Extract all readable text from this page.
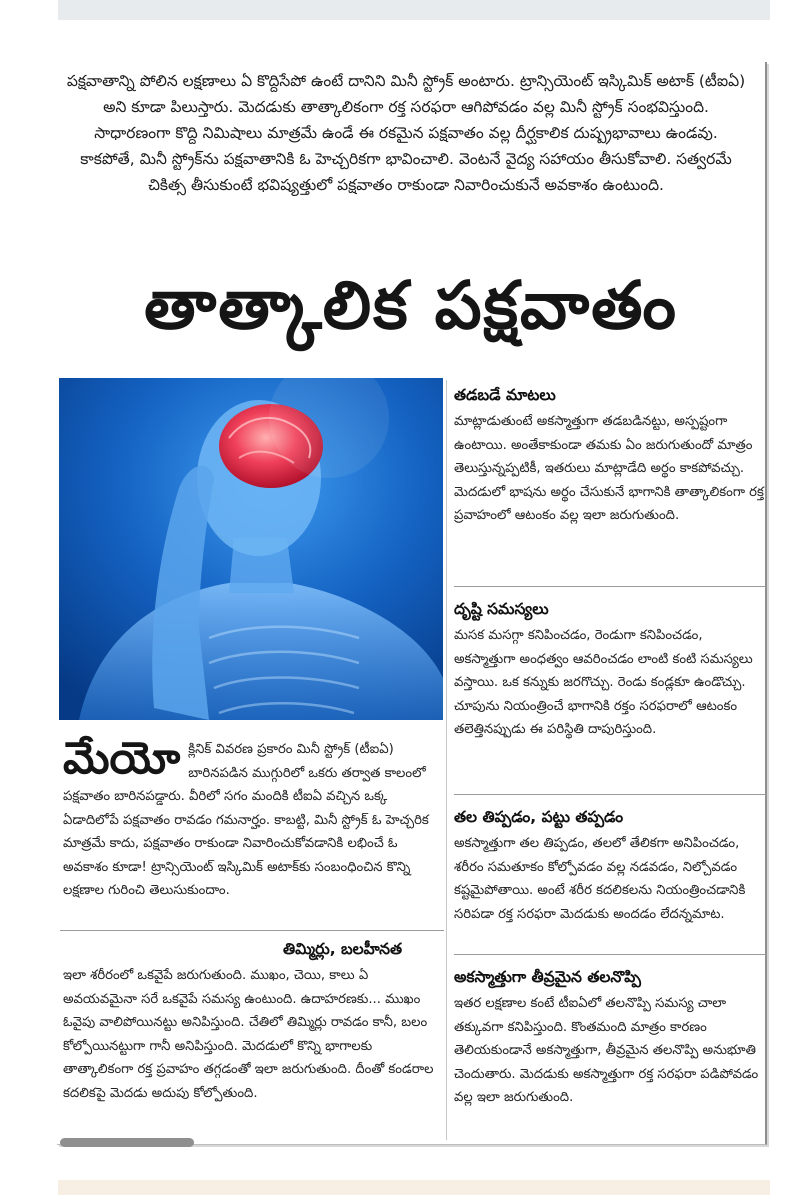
పక్షవాతాన్ని పోలిన లక్షణాలు ఏ కొద్దిసేపో ఉంటే దానిని మినీ స్ట్రోక్ అంటారు. ట్రాన్సియెంట్ ఇస్కిమిక్ అటాక్ (టీఐఏ) అని కూడా పిలుస్తారు. మెదడుకు తాత్కాలికంగా రక్త సరఫరా ఆగిపోవడం వల్ల మినీ స్ట్రోక్ సంభవిస్తుంది. సాధారణంగా కొద్ది నిమిషాలు మాత్రమే ఉండే ఈ రకమైన పక్షవాతం వల్ల దీర్ఘకాలిక దుష్ప్రభావాలు ఉండవు. కాకపోతే, మినీ స్ట్రోక్‌ను పక్షవాతానికి ఓ హెచ్చరికగా భావించాలి. వెంటనే వైద్య సహాయం తీసుకోవాలి. సత్వరమే చికిత్స తీసుకుంటే భవిష్యత్తులో పక్షవాతం రాకుండా నివారించుకునే అవకాశం ఉంటుంది.
తాత్కాలిక పక్షవాతం
తడబడే మాటలు

మాట్లాడుతుంటే అకస్మాత్తుగా తడబడినట్టు, అస్పష్టంగా ఉంటాయి. అంతేకాకుండా తమకు ఏం జరుగుతుందో మాత్రం తెలుస్తున్నప్పటికీ, ఇతరులు మాట్లాడేది అర్థం కాకపోవచ్చు. మెదడులో భాషను అర్థం చేసుకునే భాగానికి తాత్కాలికంగా రక్త ప్రవాహంలో ఆటంకం వల్ల ఇలా జరుగుతుంది.

దృష్టి సమస్యలు

మసక మసగ్గా కనిపించడం, రెండుగా కనిపించడం, అకస్మాత్తుగా అంధత్వం ఆవరించడం లాంటి కంటి సమస్యలు వస్తాయి. ఒక కన్నుకు జరగొచ్చు. రెండు కండ్లకూ ఉండొచ్చు. చూపును నియంత్రించే భాగానికి రక్తం సరఫరాలో ఆటంకం తలెత్తినప్పుడు ఈ పరిస్థితి దాపురిస్తుంది.

తల తిప్పడం, పట్టు తప్పడం

అకస్మాత్తుగా తల తిప్పడం, తలలో తేలికగా అనిపించడం, శరీరం సమతూకం కోల్పోవడం వల్ల నడవడం, నిల్చోవడం కష్టమైపోతాయి. అంటే శరీర కదలికలను నియంత్రించడానికి సరిపడా రక్త సరఫరా మెదడుకు అందడం లేదన్నమాట.

అకస్మాత్తుగా తీవ్రమైన తలనొప్పి

ఇతర లక్షణాల కంటే టీఐఏలో తలనొప్పి సమస్య చాలా తక్కువగా కనిపిస్తుంది. కొంతమంది మాత్రం కారణం తెలియకుండానే అకస్మాత్తుగా, తీవ్రమైన తలనొప్పి అనుభూతి చెందుతారు. మెదడుకు అకస్మాత్తుగా రక్త సరఫరా పడిపోవడం వల్ల ఇలా జరుగుతుంది.

మేయో క్లినిక్ వివరణ ప్రకారం మినీ స్ట్రోక్ (టీఐఏ) బారినపడిన ముగ్గురిలో ఒకరు తర్వాత కాలంలో పక్షవాతం బారినపడ్డారు. వీరిలో సగం మందికి టీఐఏ వచ్చిన ఒక్క ఏడాదిలోపే పక్షవాతం రావడం గమనార్హం. కాబట్టి, మినీ స్ట్రోక్ ఓ హెచ్చరిక మాత్రమే కాదు, పక్షవాతం రాకుండా నివారించుకోవడానికి లభించే ఓ అవకాశం కూడా! ట్రాన్సియెంట్ ఇస్కిమిక్ అటాక్‌కు సంబంధించిన కొన్ని లక్షణాల గురించి తెలుసుకుందాం.
తిమ్మిర్లు, బలహీనత

ఇలా శరీరంలో ఒకవైపే జరుగుతుంది. ముఖం, చెయి, కాలు ఏ అవయవమైనా సరే ఒకవైపే సమస్య ఉంటుంది. ఉదాహరణకు... ముఖం ఓవైపు వాలిపోయినట్టు అనిపిస్తుంది. చేతిలో తిమ్మిర్లు రావడం కానీ, బలం కోల్పోయినట్టుగా గానీ అనిపిస్తుంది. మెదడులో కొన్ని భాగాలకు తాత్కాలికంగా రక్త ప్రవాహం తగ్గడంతో ఇలా జరుగుతుంది. దీంతో కండరాల కదలికపై మెదడు అదుపు కోల్పోతుంది.
